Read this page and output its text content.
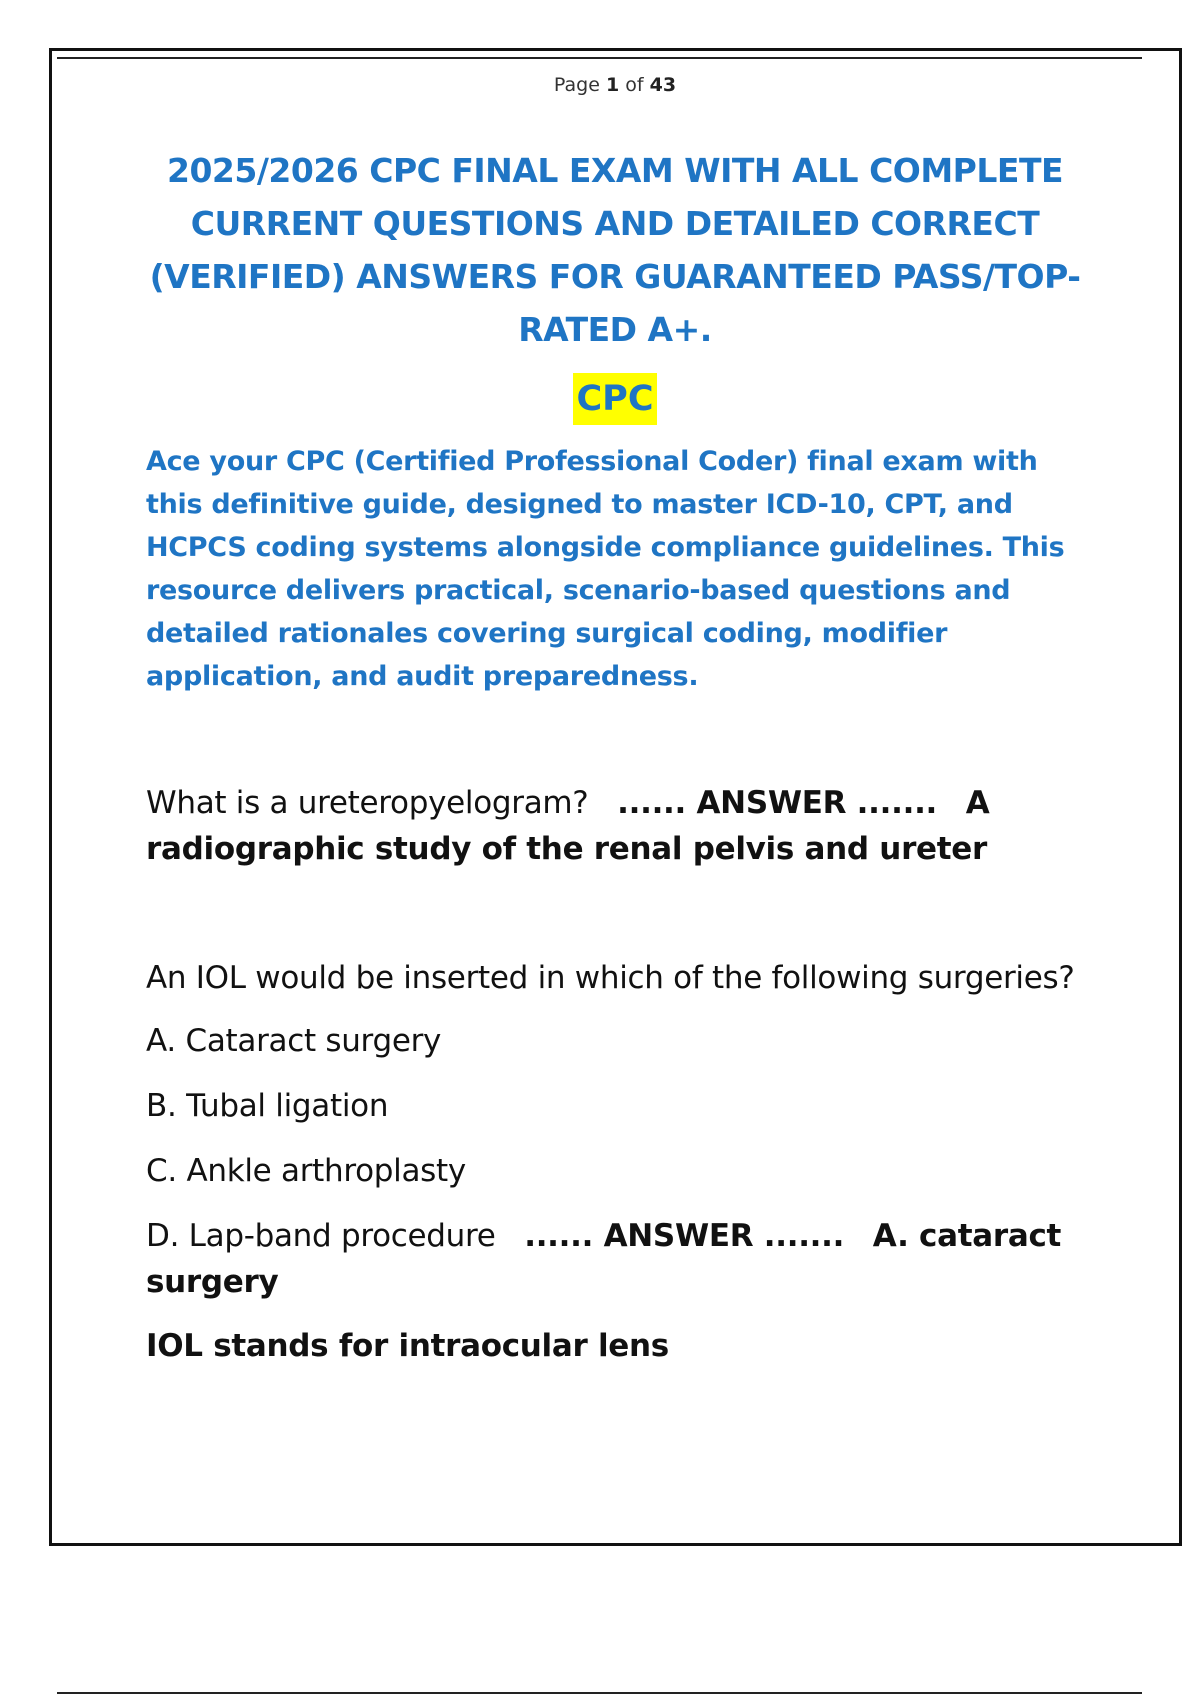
Page 1 of 43
2025/2026 CPC FINAL EXAM WITH ALL COMPLETE CURRENT QUESTIONS AND DETAILED CORRECT (VERIFIED) ANSWERS FOR GUARANTEED PASS/TOP-RATED A+.
CPC

Ace your CPC (Certified Professional Coder) final exam with this definitive guide, designed to master ICD-10, CPT, and HCPCS coding systems alongside compliance guidelines. This resource delivers practical, scenario-based questions and detailed rationales covering surgical coding, modifier application, and audit preparedness.

What is a ureteropyelogram? ...... ANSWER ....... A radiographic study of the renal pelvis and ureter

An IOL would be inserted in which of the following surgeries?

A. Cataract surgery

B. Tubal ligation

C. Ankle arthroplasty

D. Lap-band procedure ...... ANSWER ....... A. cataract surgery

IOL stands for intraocular lens
